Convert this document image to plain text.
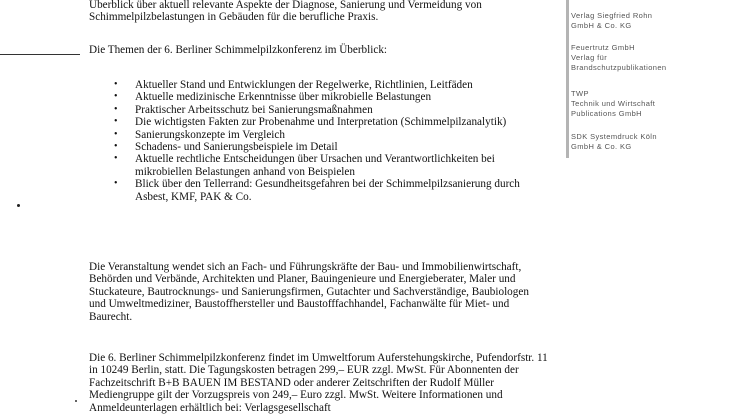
Überblick über aktuell relevante Aspekte der Diagnose, Sanierung und Vermeidung von Schimmelpilzbelastungen in Gebäuden für die berufliche Praxis.

Die Themen der 6. Berliner Schimmelpilzkonferenz im Überblick:

• Aktueller Stand und Entwicklungen der Regelwerke, Richtlinien, Leitfäden
• Aktuelle medizinische Erkenntnisse über mikrobielle Belastungen
• Praktischer Arbeitsschutz bei Sanierungsmaßnahmen
• Die wichtigsten Fakten zur Probenahme und Interpretation (Schimmelpilzanalytik)
• Sanierungskonzepte im Vergleich
• Schadens- und Sanierungsbeispiele im Detail
• Aktuelle rechtliche Entscheidungen über Ursachen und Verantwortlichkeiten bei mikrobiellen Belastungen anhand von Beispielen
• Blick über den Tellerrand: Gesundheitsgefahren bei der Schimmelpilzsanierung durch Asbest, KMF, PAK & Co.

Die Veranstaltung wendet sich an Fach- und Führungskräfte der Bau- und Immobilienwirtschaft, Behörden und Verbände, Architekten und Planer, Bauingenieure und Energieberater, Maler und Stuckateure, Bautrocknungs- und Sanierungsfirmen, Gutachter und Sachverständige, Baubiologen und Umweltmediziner, Baustoffhersteller und Baustofffachhandel, Fachanwälte für Miet- und Baurecht.

Die 6. Berliner Schimmelpilzkonferenz findet im Umweltforum Auferstehungskirche, Pufendorfstr. 11 in 10249 Berlin, statt. Die Tagungskosten betragen 299,– EUR zzgl. MwSt. Für Abonnenten der Fachzeitschrift B+B BAUEN IM BESTAND oder anderer Zeitschriften der Rudolf Müller Mediengruppe gilt der Vorzugspreis von 249,– Euro zzgl. MwSt. Weitere Informationen und Anmeldeunterlagen erhältlich bei: Verlagsgesellschaft

Verlag Siegfried Rohn
GmbH & Co. KG
Feuertrutz GmbH
Verlag für
Brandschutzpublikationen
TWP
Technik und Wirtschaft
Publications GmbH
SDK Systemdruck Köln
GmbH & Co. KG
